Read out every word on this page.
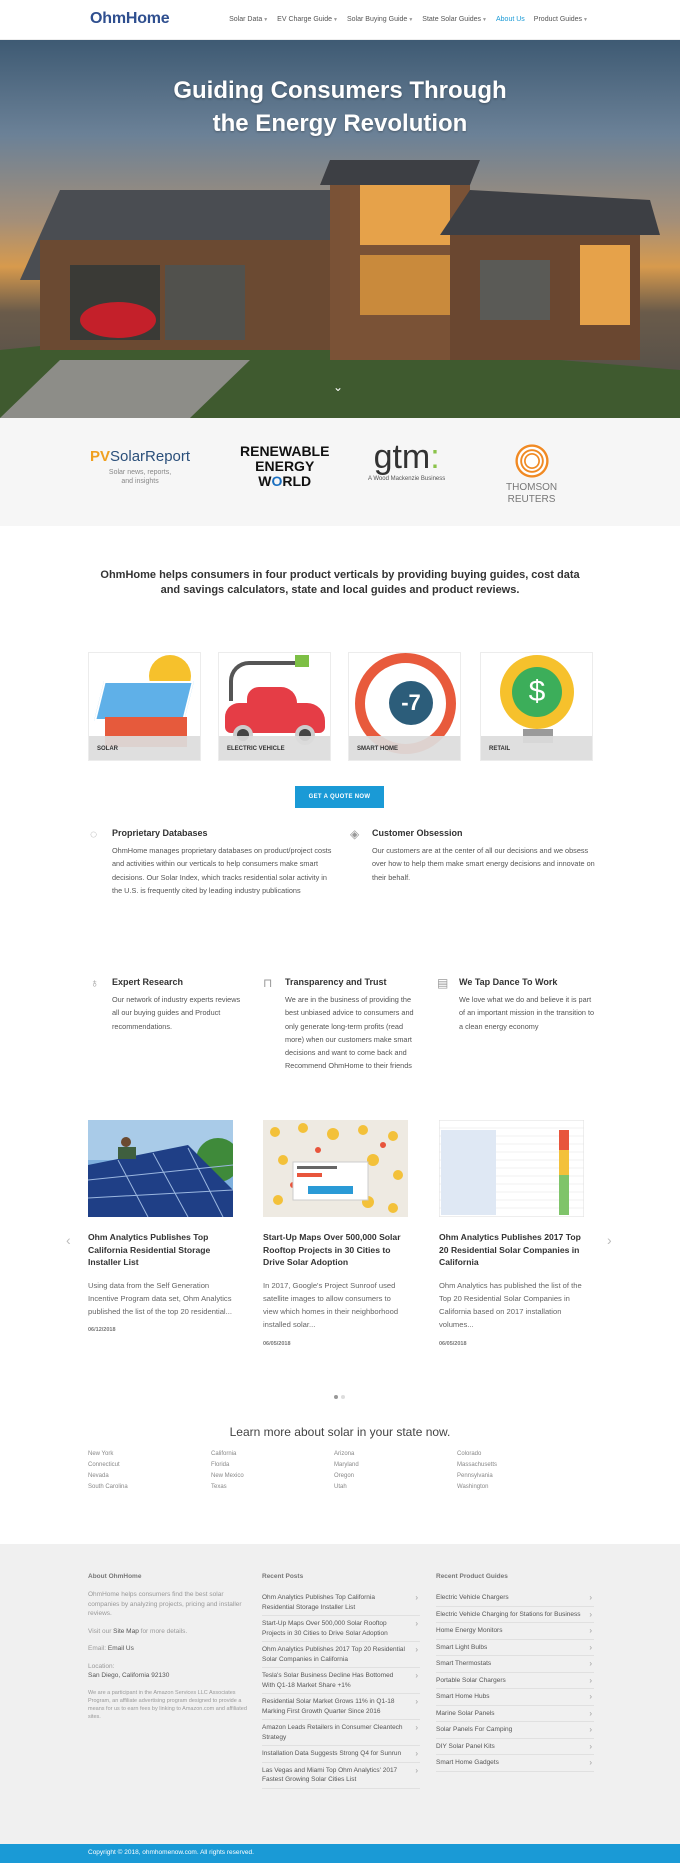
OhmHome	Solar Data▼ EV Charge Guide▼ Solar Buying Guide▼ State Solar Guides▼ About Us Product Guides▼
Guiding Consumers Through
the Energy Revolution
⌄
PVSolarReport
Solar news, reports,
and insights
RENEWABLE
ENERGY
WORLD
gtm:
A Wood Mackenzie Business
THOMSON
REUTERS
OhmHome helps consumers in four product verticals by providing buying guides, cost data and savings calculators, state and local guides and product reviews.
SOLAR	ELECTRIC VEHICLE
-7
SMART HOME
$
RETAIL
GET A QUOTE NOW
◌	Proprietary Databases
OhmHome manages proprietary databases on product/project costs and activities within our verticals to help consumers make smart decisions. Our Solar Index, which tracks residential solar activity in the U.S. is frequently cited by leading industry publications
◈	Customer Obsession
Our customers are at the center of all our decisions and we obsess over how to help them make smart energy decisions and innovate on their behalf.
♁	Expert Research
Our network of industry experts reviews all our buying guides and Product recommendations.
⊓	Transparency and Trust
We are in the business of providing the best unbiased advice to consumers and only generate long-term profits (read more) when our customers make smart decisions and want to come back and Recommend OhmHome to their friends
▤ We Tap Dance To Work
We love what we do and believe it is part of an important mission in the transition to a clean energy economy
‹	›
Ohm Analytics Publishes Top California Residential Storage Installer List
Using data from the Self Generation Incentive Program data set, Ohm Analytics published the list of the top 20 residential...
06/12/2018
Start-Up Maps Over 500,000 Solar Rooftop Projects in 30 Cities to Drive Solar Adoption
In 2017, Google's Project Sunroof used satellite images to allow consumers to view which homes in their neighborhood installed solar...
06/05/2018
Ohm Analytics Publishes 2017 Top 20 Residential Solar Companies in California
Ohm Analytics has published the list of the Top 20 Residential Solar Companies in California based on 2017 installation volumes...
06/05/2018
Learn more about solar in your state now.
New York	California	Arizona	Colorado
Connecticut	Florida	Maryland	Massachusetts
Nevada	New Mexico	Oregon	Pennsylvania
South Carolina	Texas	Utah	Washington
About OhmHome

OhmHome helps consumers find the best solar companies by analyzing projects, pricing and installer reviews.

Visit our Site Map for more details.

Email: Email Us

Location:
San Diego, California 92130

We are a participant in the Amazon Services LLC Associates Program, an affiliate advertising program designed to provide a means for us to earn fees by linking to Amazon.com and affiliated sites.

Recent Posts
Ohm Analytics Publishes Top California Residential Storage Installer List ›
Start-Up Maps Over 500,000 Solar Rooftop Projects in 30 Cities to Drive Solar Adoption ›
Ohm Analytics Publishes 2017 Top 20 Residential Solar Companies in California ›
Tesla's Solar Business Decline Has Bottomed With Q1-18 Market Share +1% ›
Residential Solar Market Grows 11% in Q1-18 Marking First Growth Quarter Since 2016 ›
Amazon Leads Retailers in Consumer Cleantech Strategy ›
Installation Data Suggests Strong Q4 for Sunrun ›
Las Vegas and Miami Top Ohm Analytics' 2017 Fastest Growing Solar Cities List ›
Recent Product Guides
Electric Vehicle Chargers ›
Electric Vehicle Charging for Stations for Business ›
Home Energy Monitors ›
Smart Light Bulbs ›
Smart Thermostats ›
Portable Solar Chargers ›
Smart Home Hubs ›
Marine Solar Panels ›
Solar Panels For Camping ›
DIY Solar Panel Kits ›
Smart Home Gadgets ›
Copyright © 2018, ohmhomenow.com. All rights reserved.
